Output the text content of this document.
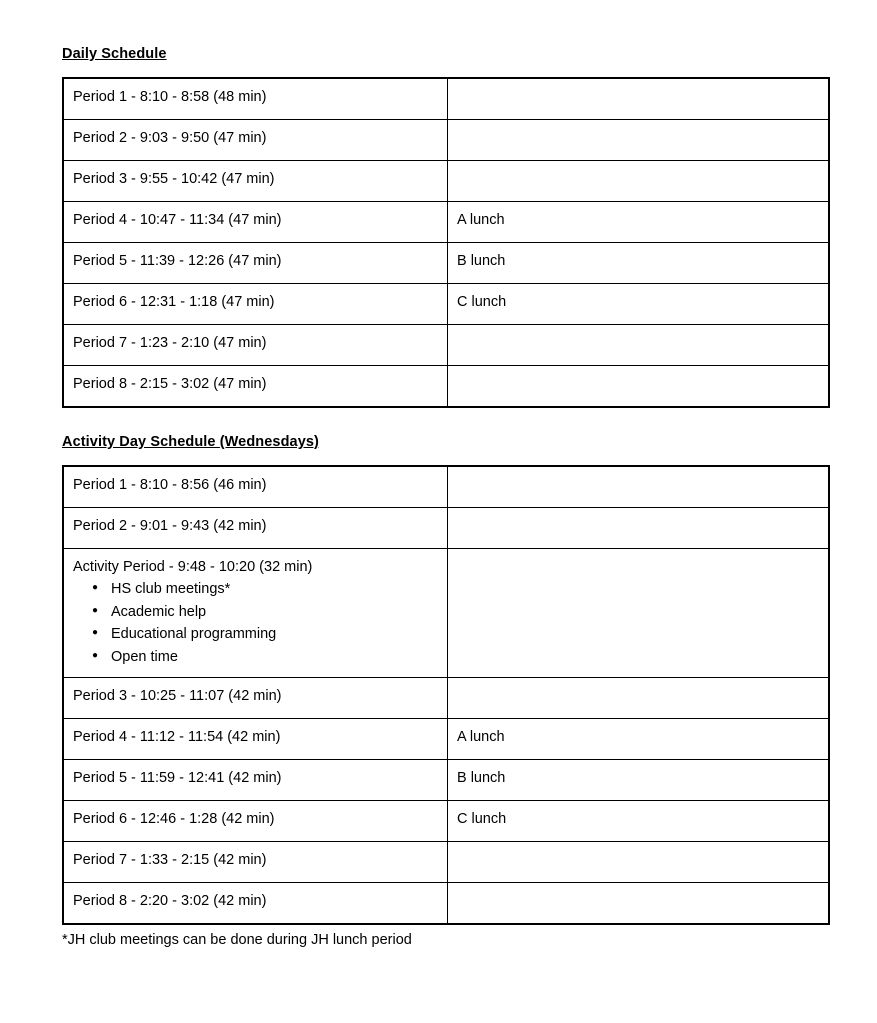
Daily Schedule
Period 1 - 8:10 - 8:58 (48 min)	
Period 2 - 9:03 - 9:50 (47 min)	
Period 3 - 9:55 - 10:42 (47 min)	
Period 4 - 10:47 - 11:34 (47 min)	A lunch
Period 5 - 11:39 - 12:26 (47 min)	B lunch
Period 6 - 12:31 - 1:18 (47 min)	C lunch
Period 7 - 1:23 - 2:10 (47 min)	
Period 8 - 2:15 - 3:02 (47 min)	
Activity Day Schedule (Wednesdays)
Period 1 - 8:10 - 8:56 (46 min)	
Period 2 - 9:01 - 9:43 (42 min)	

Activity Period - 9:48 - 10:20 (32 min)
● HS club meetings*
● Academic help
● Educational programming
● Open time

Period 3 - 10:25 - 11:07 (42 min)	
Period 4 - 11:12 - 11:54 (42 min)	A lunch
Period 5 - 11:59 - 12:41 (42 min)	B lunch
Period 6 - 12:46 - 1:28 (42 min)	C lunch
Period 7 - 1:33 - 2:15 (42 min)	
Period 8 - 2:20 - 3:02 (42 min)	
*JH club meetings can be done during JH lunch period
